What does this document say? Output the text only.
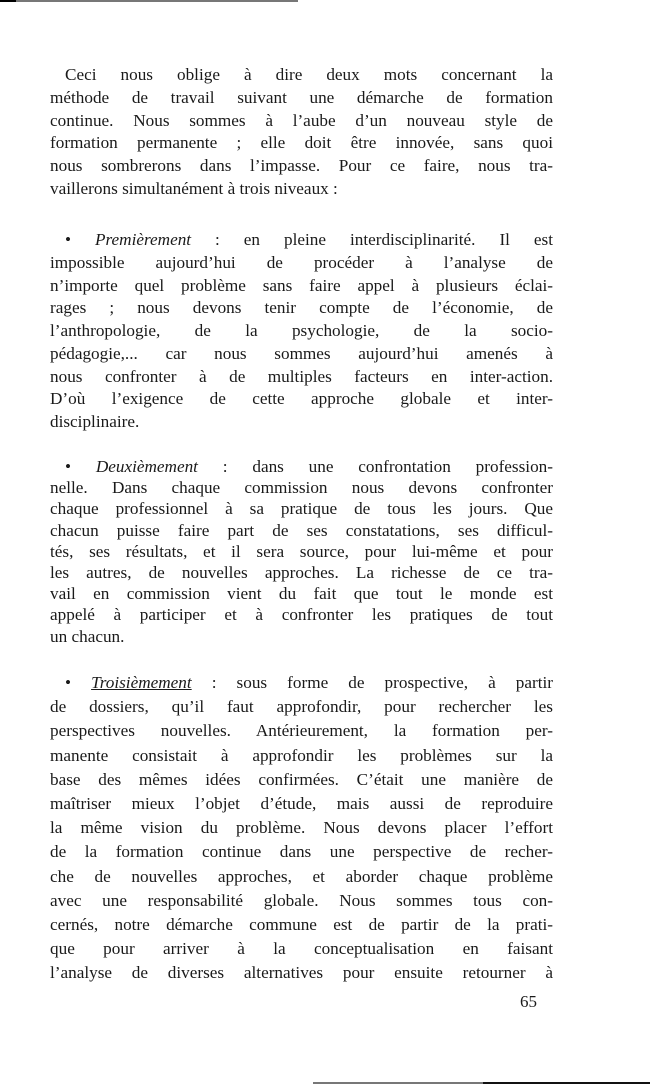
Ceci nous oblige à dire deux mots concernant la
méthode de travail suivant une démarche de formation
continue. Nous sommes à l’aube d’un nouveau style de
formation permanente ; elle doit être innovée, sans quoi
nous sombrerons dans l’impasse. Pour ce faire, nous tra-
vaillerons simultanément à trois niveaux :
• Premièrement : en pleine interdisciplinarité. Il est
impossible aujourd’hui de procéder à l’analyse de
n’importe quel problème sans faire appel à plusieurs éclai-
rages ; nous devons tenir compte de l’économie, de
l’anthropologie, de la psychologie, de la socio-
pédagogie,... car nous sommes aujourd’hui amenés à
nous confronter à de multiples facteurs en inter-action.
D’où l’exigence de cette approche globale et inter-
disciplinaire.
• Deuxièmement : dans une confrontation profession-
nelle. Dans chaque commission nous devons confronter
chaque professionnel à sa pratique de tous les jours. Que
chacun puisse faire part de ses constatations, ses difficul-
tés, ses résultats, et il sera source, pour lui-même et pour
les autres, de nouvelles approches. La richesse de ce tra-
vail en commission vient du fait que tout le monde est
appelé à participer et à confronter les pratiques de tout
un chacun.
• Troisièmement : sous forme de prospective, à partir
de dossiers, qu’il faut approfondir, pour rechercher les
perspectives nouvelles. Antérieurement, la formation per-
manente consistait à approfondir les problèmes sur la
base des mêmes idées confirmées. C’était une manière de
maîtriser mieux l’objet d’étude, mais aussi de reproduire
la même vision du problème. Nous devons placer l’effort
de la formation continue dans une perspective de recher-
che de nouvelles approches, et aborder chaque problème
avec une responsabilité globale. Nous sommes tous con-
cernés, notre démarche commune est de partir de la prati-
que pour arriver à la conceptualisation en faisant
l’analyse de diverses alternatives pour ensuite retourner à
65
